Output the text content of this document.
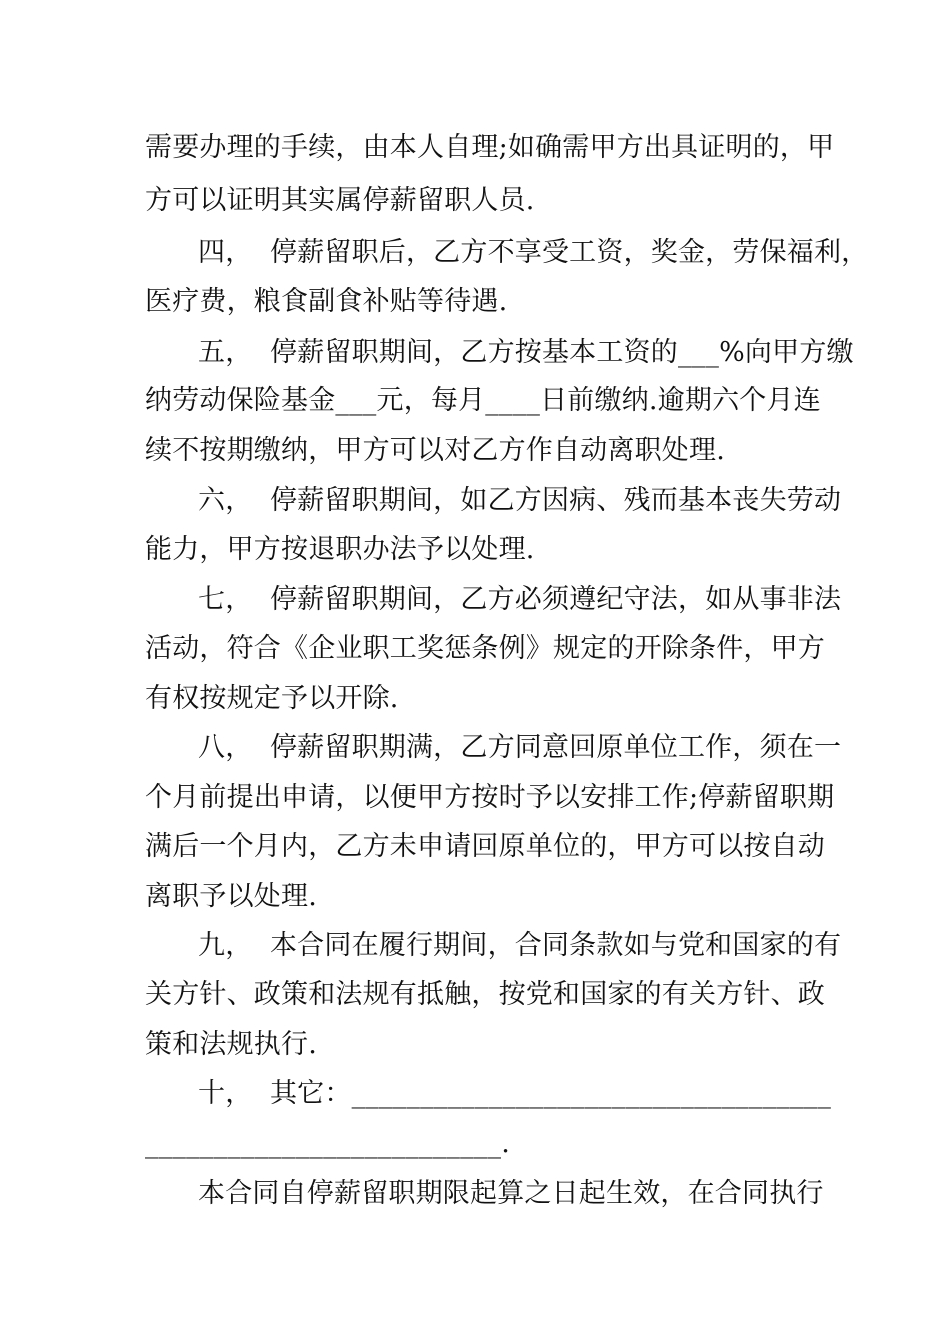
需要办理的手续，由本人自理;如确需甲方出具证明的，甲
方可以证明其实属停薪留职人员.
四，  停薪留职后，乙方不享受工资，奖金，劳保福利，
医疗费，粮食副食补贴等待遇.
五，  停薪留职期间，乙方按基本工资的___%向甲方缴
纳劳动保险基金___元，每月____日前缴纳.逾期六个月连
续不按期缴纳，甲方可以对乙方作自动离职处理.
六，  停薪留职期间，如乙方因病、残而基本丧失劳动
能力，甲方按退职办法予以处理.
七，  停薪留职期间，乙方必须遵纪守法，如从事非法
活动，符合《企业职工奖惩条例》规定的开除条件，甲方
有权按规定予以开除.
八，  停薪留职期满，乙方同意回原单位工作，须在一
个月前提出申请，以便甲方按时予以安排工作;停薪留职期
满后一个月内，乙方未申请回原单位的，甲方可以按自动
离职予以处理.
九，  本合同在履行期间，合同条款如与党和国家的有
关方针、政策和法规有抵触，按党和国家的有关方针、政
策和法规执行.
十，  其它：___________________________________
__________________________.
本合同自停薪留职期限起算之日起生效，在合同执行
